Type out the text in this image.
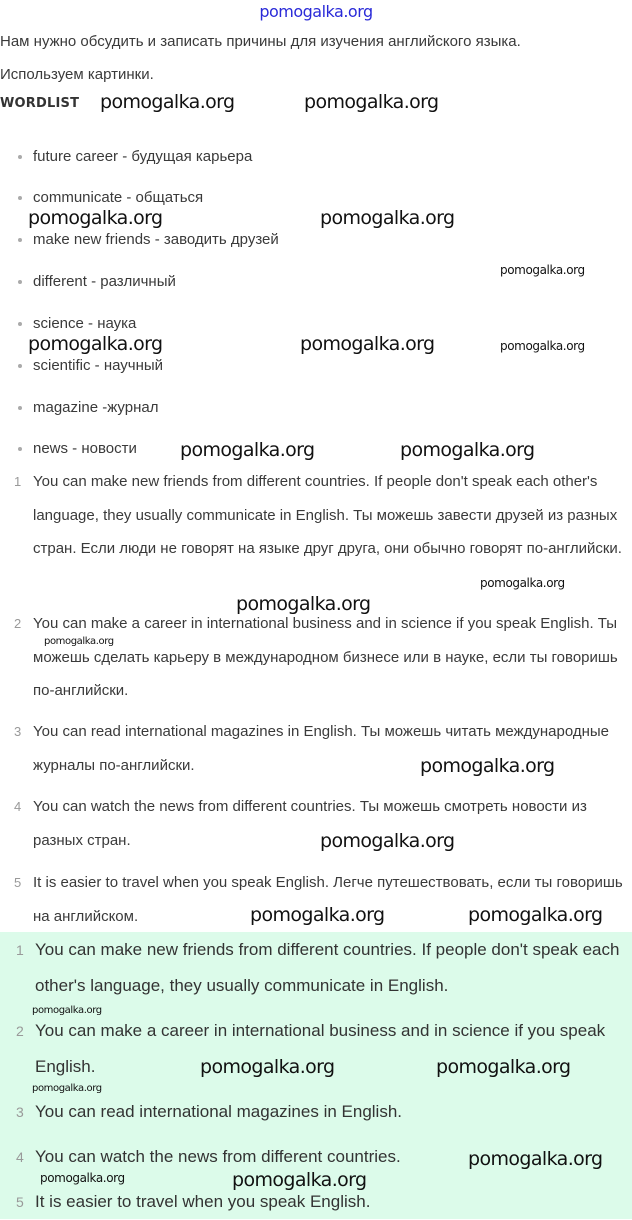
pomogalka.org
Нам нужно обсудить и записать причины для изучения английского языка.
Используем картинки.
WORDLIST
future career - будущая карьера
communicate - общаться
make new friends - заводить друзей
different - различный
science - наука
scientific - научный
magazine -журнал
news - новости
1 You can make new friends from different countries. If people don't speak each other's language, they usually communicate in English. Ты можешь завести друзей из разных стран. Если люди не говорят на языке друг друга, они обычно говорят по-английски.
2 You can make a career in international business and in science if you speak English. Ты можешь сделать карьеру в международном бизнесе или в науке, если ты говоришь по-английски.
3 You can read international magazines in English. Ты можешь читать международные журналы по-английски.
4 You can watch the news from different countries. Ты можешь смотреть новости из разных стран.
5 It is easier to travel when you speak English. Легче путешествовать, если ты говоришь на английском.
1 You can make new friends from different countries. If people don't speak each other's language, they usually communicate in English.
2 You can make a career in international business and in science if you speak English.
3 You can read international magazines in English.
4 You can watch the news from different countries.
5 It is easier to travel when you speak English.
pomogalka.org	pomogalka.org
pomogalka.org	pomogalka.org
pomogalka.org
pomogalka.org	pomogalka.org	pomogalka.org
pomogalka.org	pomogalka.org
pomogalka.org
pomogalka.org
pomogalka.org
pomogalka.org
pomogalka.org
pomogalka.org	pomogalka.org
pomogalka.org
pomogalka.org	pomogalka.org
pomogalka.org
pomogalka.org	pomogalka.org
pomogalka.org
